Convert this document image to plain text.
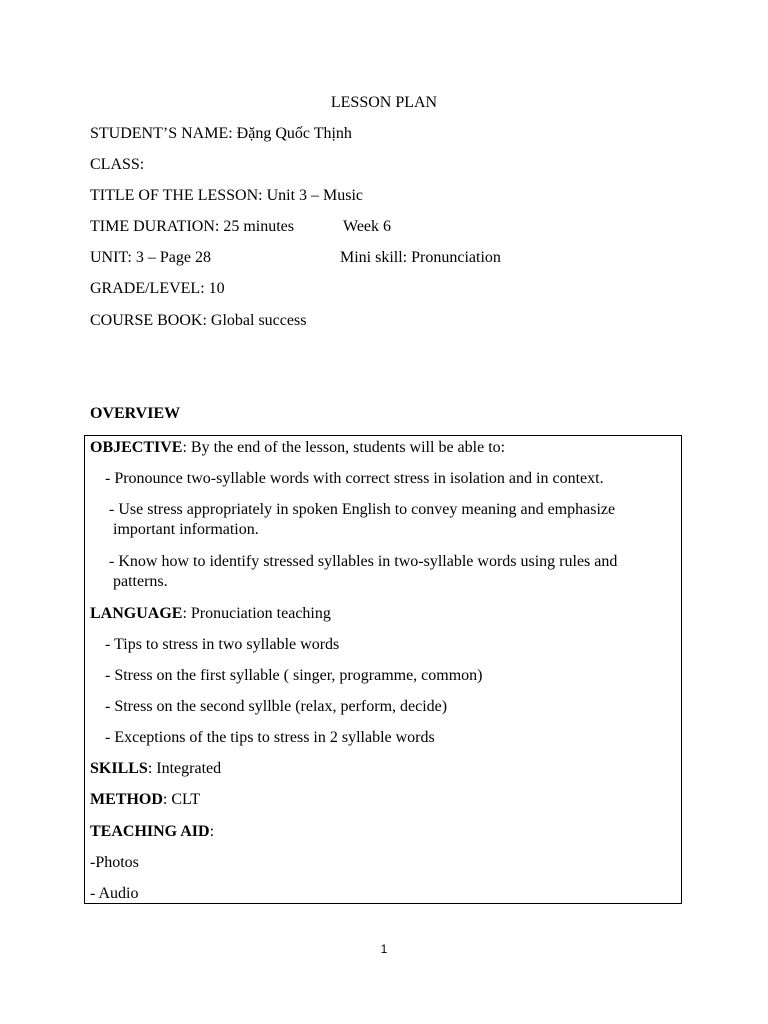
LESSON PLAN
STUDENT’S NAME: Đặng Quốc Thịnh
CLASS:
TITLE OF THE LESSON: Unit 3 – Music
TIME DURATION: 25 minutes	Week 6
UNIT: 3 – Page 28	Mini skill: Pronunciation
GRADE/LEVEL: 10
COURSE BOOK: Global success
OVERVIEW
OBJECTIVE: By the end of the lesson, students will be able to:
- Pronounce two-syllable words with correct stress in isolation and in context.
- Use stress appropriately in spoken English to convey meaning and emphasize important information.
- Know how to identify stressed syllables in two-syllable words using rules and patterns.
LANGUAGE: Pronuciation teaching
- Tips to stress in two syllable words
- Stress on the first syllable ( singer, programme, common)
- Stress on the second syllble (relax, perform, decide)
- Exceptions of the tips to stress in 2 syllable words
SKILLS: Integrated
METHOD: CLT
TEACHING AID:
-Photos
- Audio
1
